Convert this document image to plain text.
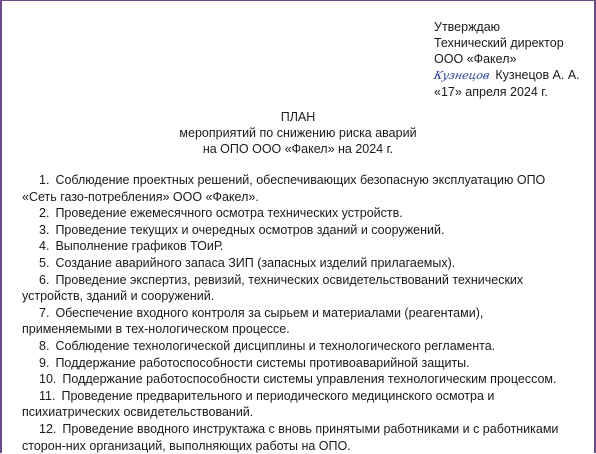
Утверждаю
Технический директор
ООО «Факел»
Кузнецов Кузнецов А. А.
«17» апреля 2024 г.
ПЛАН
мероприятий по снижению риска аварий
на ОПО ООО «Факел» на 2024 г.

1. Соблюдение проектных решений, обеспечивающих безопасную эксплуатацию ОПО «Сеть газо-потребления» ООО «Факел».

2. Проведение ежемесячного осмотра технических устройств.

3. Проведение текущих и очередных осмотров зданий и сооружений.

4. Выполнение графиков ТОиР.

5. Создание аварийного запаса ЗИП (запасных изделий прилагаемых).

6. Проведение экспертиз, ревизий, технических освидетельствований технических устройств, зданий и сооружений.

7. Обеспечение входного контроля за сырьем и материалами (реагентами), применяемыми в тех-нологическом процессе.

8. Соблюдение технологической дисциплины и технологического регламента.

9. Поддержание работоспособности системы противоаварийной защиты.

10. Поддержание работоспособности системы управления технологическим процессом.

11. Проведение предварительного и периодического медицинского осмотра и психиатрических освидетельствований.

12. Проведение вводного инструктажа с вновь принятыми работниками и с работниками сторон-них организаций, выполняющих работы на ОПО.
